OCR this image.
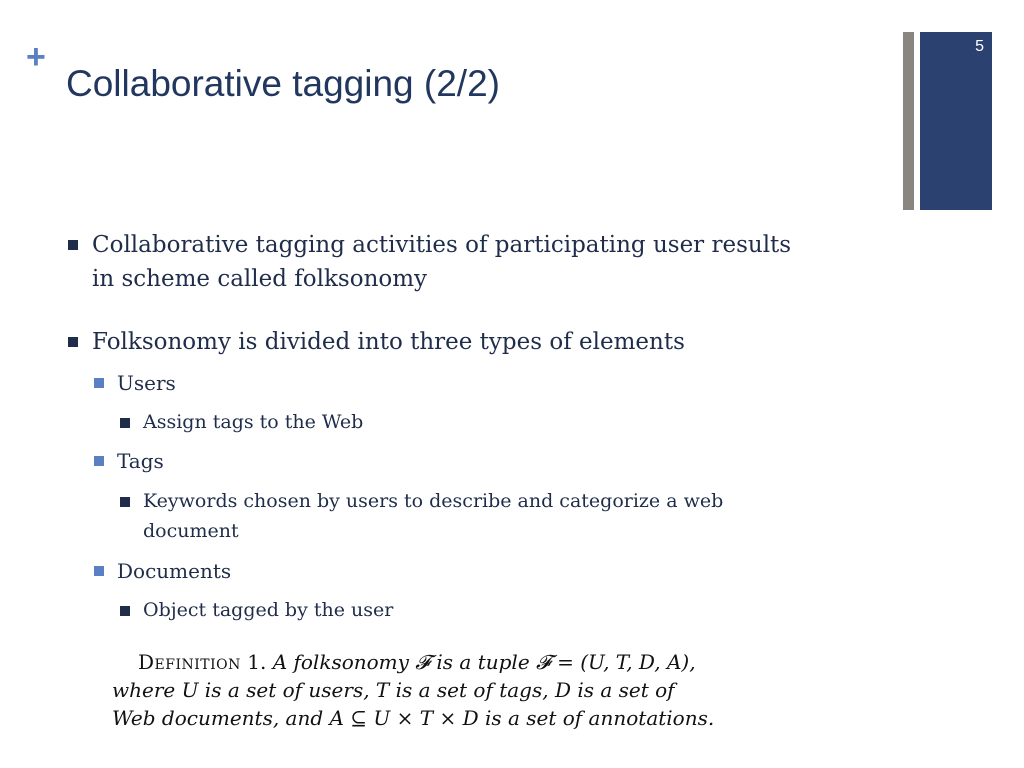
+
Collaborative tagging (2/2)
5
Collaborative tagging activities of participating user results
in scheme called folksonomy
Folksonomy is divided into three types of elements
Users
Assign tags to the Web
Tags
Keywords chosen by users to describe and categorize a web
document
Documents
Object tagged by the user
Definition 1. A folksonomy 𝓕 is a tuple 𝓕 = (U, T, D, A),
where U is a set of users, T is a set of tags, D is a set of
Web documents, and A ⊆ U × T × D is a set of annotations.
